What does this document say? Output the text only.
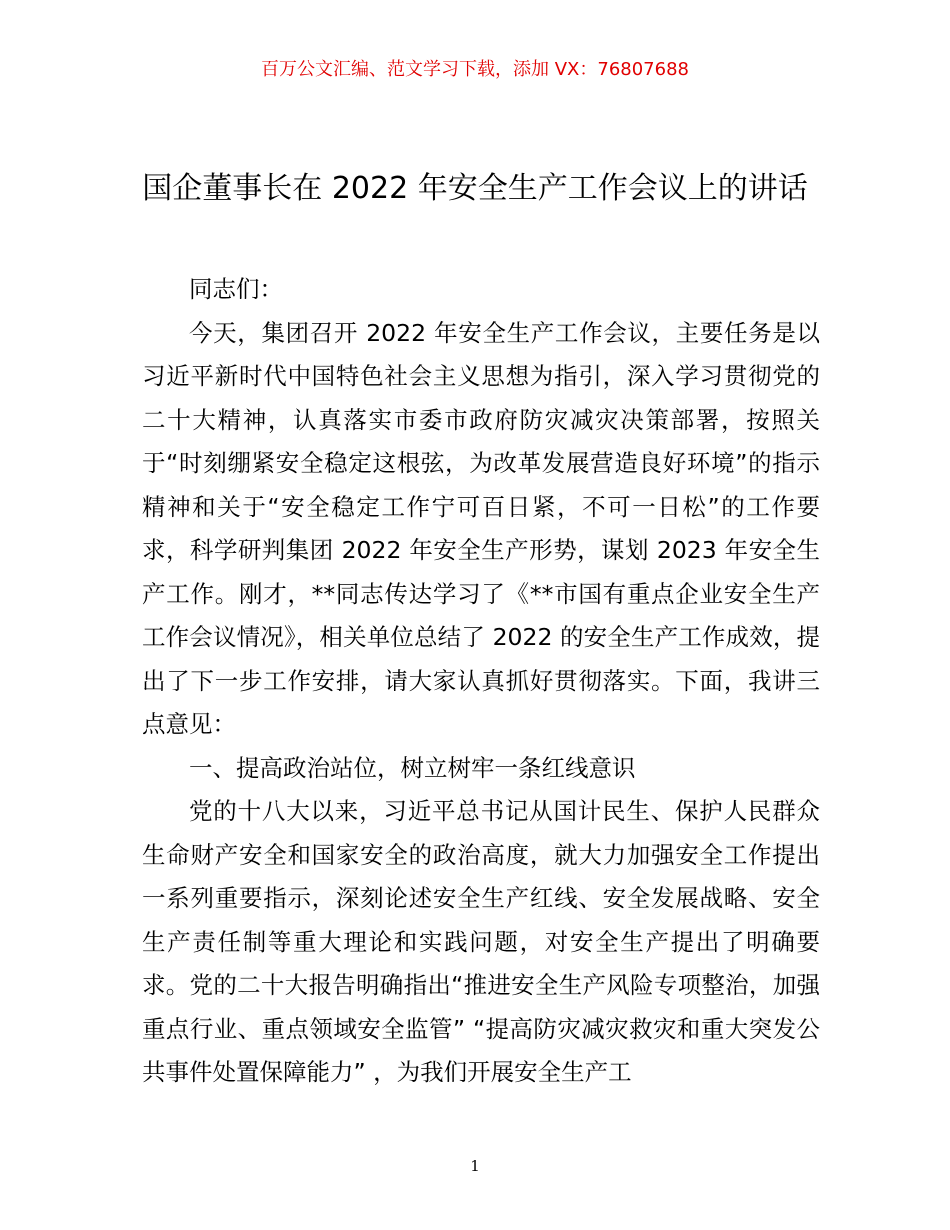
百万公文汇编、范文学习下载，添加 VX：76807688
国企董事长在 2022 年安全生产工作会议上的讲话

同志们：

今天，集团召开 2022 年安全生产工作会议，主要任务是以习近平新时代中国特色社会主义思想为指引，深入学习贯彻党的二十大精神，认真落实市委市政府防灾减灾决策部署，按照关于“时刻绷紧安全稳定这根弦，为改革发展营造良好环境”的指示精神和关于“安全稳定工作宁可百日紧，不可一日松”的工作要求，科学研判集团 2022 年安全生产形势，谋划 2023 年安全生产工作。刚才，**同志传达学习了《**市国有重点企业安全生产工作会议情况》，相关单位总结了 2022 的安全生产工作成效，提出了下一步工作安排，请大家认真抓好贯彻落实。下面，我讲三点意见：

一、提高政治站位，树立树牢一条红线意识

党的十八大以来，习近平总书记从国计民生、保护人民群众生命财产安全和国家安全的政治高度，就大力加强安全工作提出一系列重要指示，深刻论述安全生产红线、安全发展战略、安全生产责任制等重大理论和实践问题，对安全生产提出了明确要求。党的二十大报告明确指出“推进安全生产风险专项整治，加强重点行业、重点领域安全监管” “提高防灾减灾救灾和重大突发公共事件处置保障能力” ，为我们开展安全生产工

1
